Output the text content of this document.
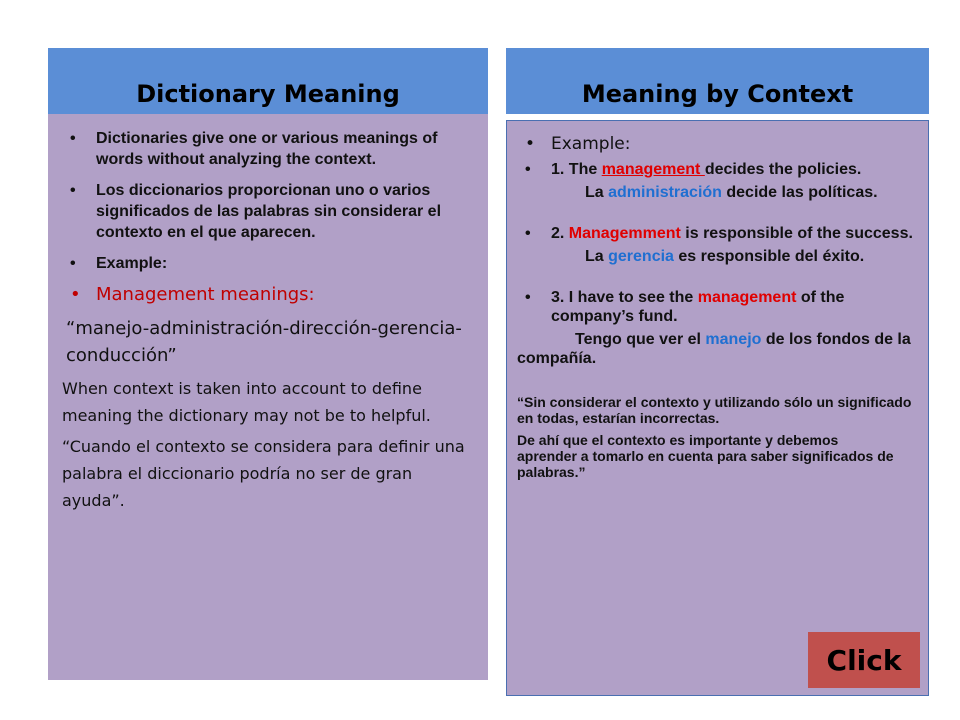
Dictionary Meaning	Meaning by Context
• Dictionaries give one or various meanings of words without analyzing the context.
• Los diccionarios proporcionan uno o varios significados de las palabras sin considerar el contexto en el que aparecen.
• Example:
• Management meanings:
“manejo-administración-dirección-gerencia-conducción”
When context is taken into account to define meaning the dictionary may not be to helpful.
“Cuando el contexto se considera para definir una palabra el diccionario podría no ser de gran ayuda”.
• Example:
• 1. The management decides the policies.
La administración decide las políticas.
• 2. Managemment is responsible of the success.
La gerencia es responsible del éxito.
• 3. I have to see the management of the company’s fund.
Tengo que ver el manejo de los fondos de la compañía.
“Sin considerar el contexto y utilizando sólo un significado en todas, estarían incorrectas.
De ahí que el contexto es importante y debemos aprender a tomarlo en cuenta para saber significados de palabras.”
Click
